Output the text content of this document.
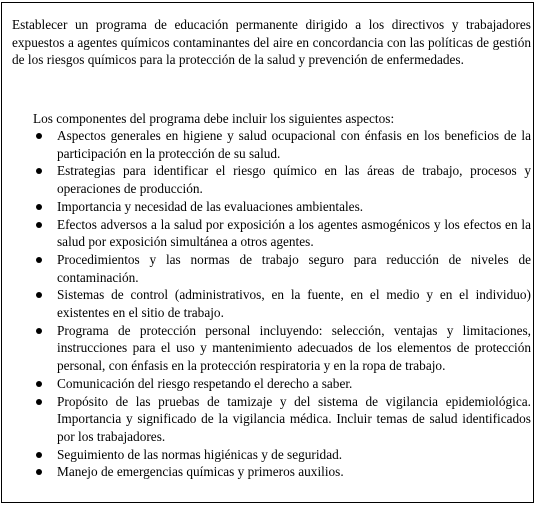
Establecer un programa de educación permanente dirigido a los directivos y trabajadores expuestos a agentes químicos contaminantes del aire en concordancia con las políticas de gestión de los riesgos químicos para la protección de la salud y prevención de enfermedades.

Los componentes del programa debe incluir los siguientes aspectos:

Aspectos generales en higiene y salud ocupacional con énfasis en los beneficios de la participación en la protección de su salud.
Estrategias para identificar el riesgo químico en las áreas de trabajo, procesos y operaciones de producción.
Importancia y necesidad de las evaluaciones ambientales.
Efectos adversos a la salud por exposición a los agentes asmogénicos y los efectos en la salud por exposición simultánea a otros agentes.
Procedimientos y las normas de trabajo seguro para reducción de niveles de contaminación.
Sistemas de control (administrativos, en la fuente, en el medio y en el individuo) existentes en el sitio de trabajo.
Programa de protección personal incluyendo: selección, ventajas y limitaciones, instrucciones para el uso y mantenimiento adecuados de los elementos de protección personal, con énfasis en la protección respiratoria y en la ropa de trabajo.
Comunicación del riesgo respetando el derecho a saber.
Propósito de las pruebas de tamizaje y del sistema de vigilancia epidemiológica. Importancia y significado de la vigilancia médica. Incluir temas de salud identificados por los trabajadores.
Seguimiento de las normas higiénicas y de seguridad.
Manejo de emergencias químicas y primeros auxilios.
